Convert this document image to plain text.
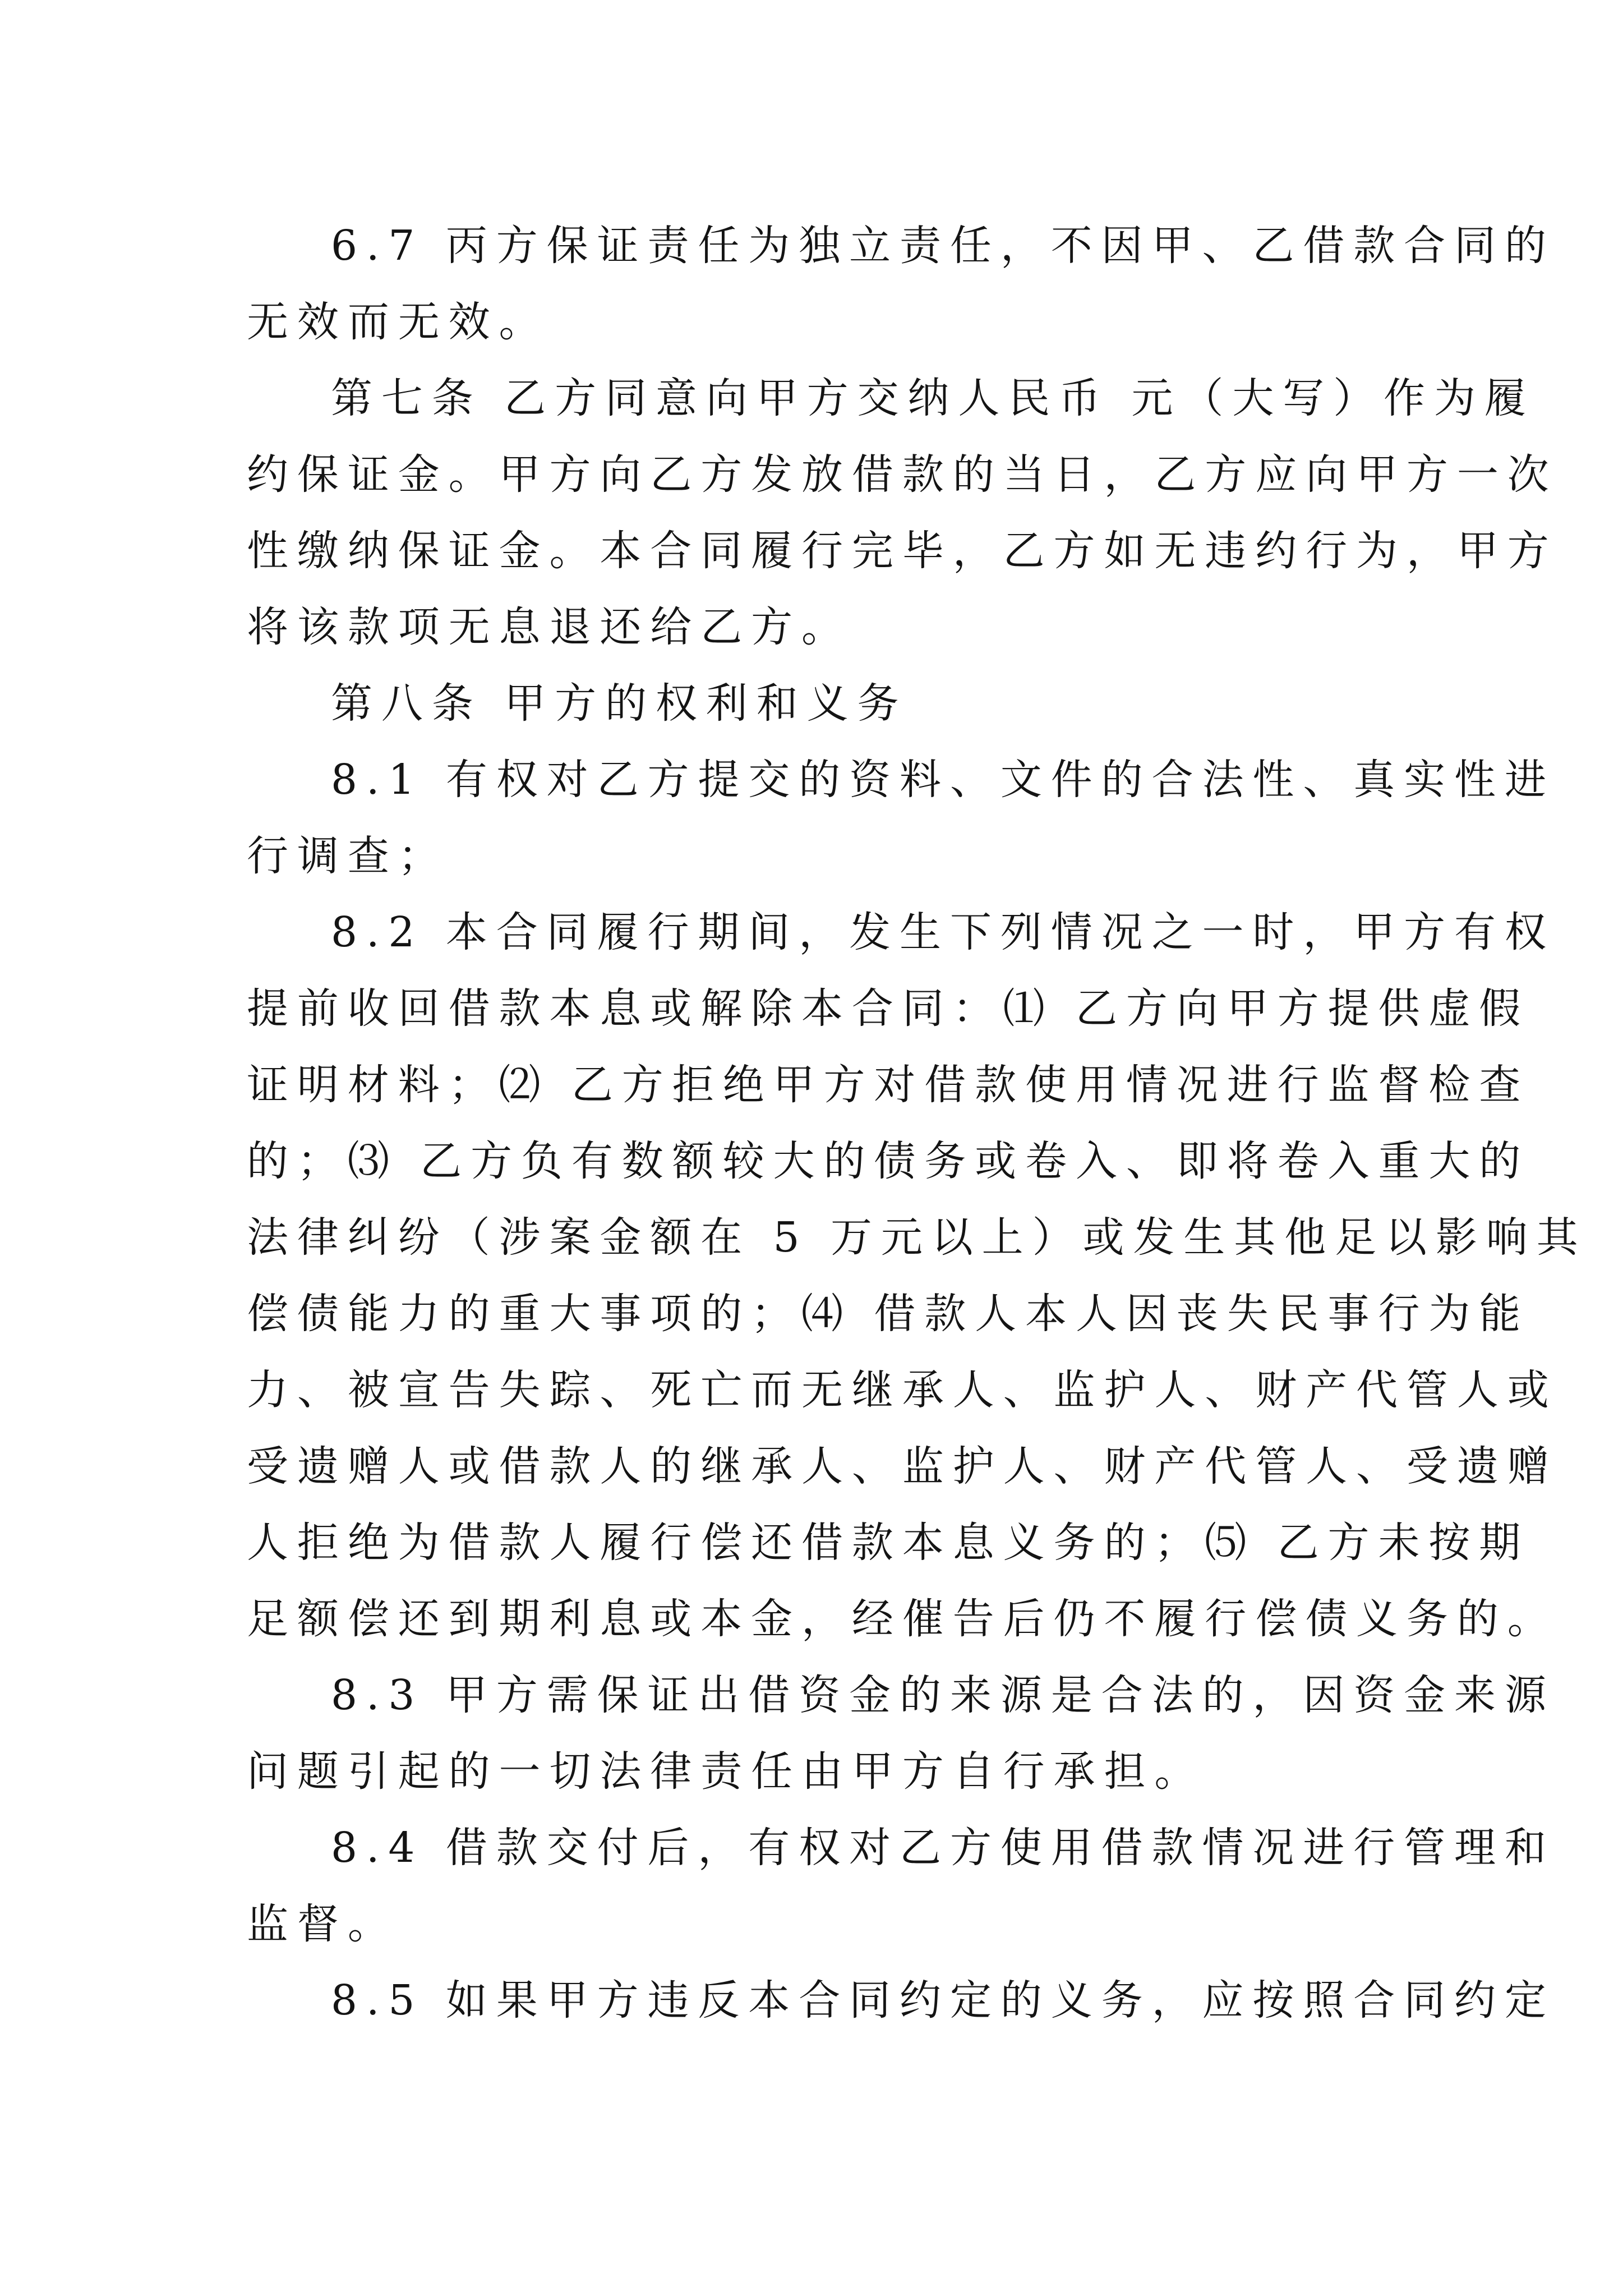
6.7 丙方保证责任为独立责任，不因甲、乙借款合同的
无效而无效。
第七条 乙方同意向甲方交纳人民币 元（大写）作为履
约保证金。甲方向乙方发放借款的当日，乙方应向甲方一次
性缴纳保证金。本合同履行完毕，乙方如无违约行为，甲方
将该款项无息退还给乙方。
第八条 甲方的权利和义务
8.1 有权对乙方提交的资料、文件的合法性、真实性进
行调查；
8.2 本合同履行期间，发生下列情况之一时，甲方有权
提前收回借款本息或解除本合同：⑴ 乙方向甲方提供虚假
证明材料；⑵ 乙方拒绝甲方对借款使用情况进行监督检查
的；⑶ 乙方负有数额较大的债务或卷入、即将卷入重大的
法律纠纷（涉案金额在 5 万元以上）或发生其他足以影响其
偿债能力的重大事项的；⑷ 借款人本人因丧失民事行为能
力、被宣告失踪、死亡而无继承人、监护人、财产代管人或
受遗赠人或借款人的继承人、监护人、财产代管人、受遗赠
人拒绝为借款人履行偿还借款本息义务的；⑸ 乙方未按期
足额偿还到期利息或本金，经催告后仍不履行偿债义务的。
8.3 甲方需保证出借资金的来源是合法的，因资金来源
问题引起的一切法律责任由甲方自行承担。
8.4 借款交付后，有权对乙方使用借款情况进行管理和
监督。
8.5 如果甲方违反本合同约定的义务，应按照合同约定
